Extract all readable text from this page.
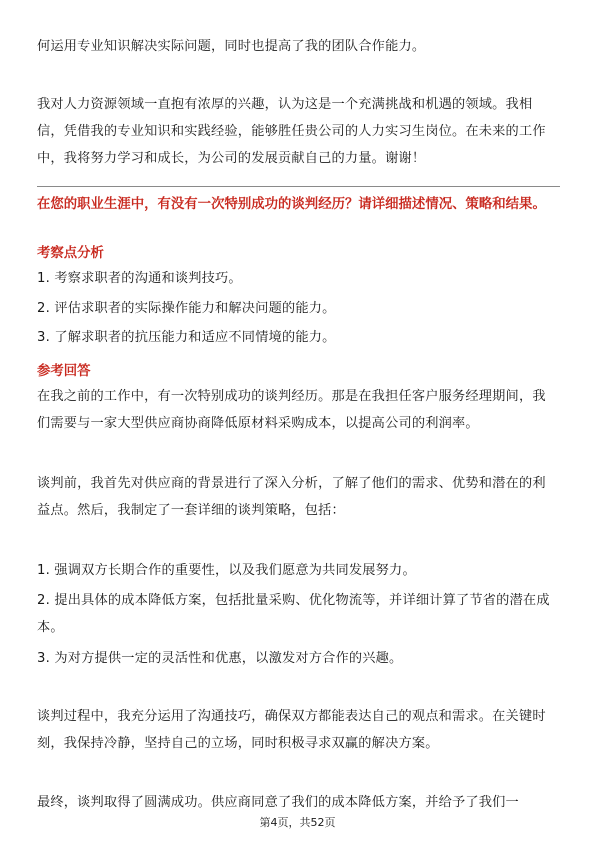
何运用专业知识解决实际问题，同时也提高了我的团队合作能力。

我对人力资源领域一直抱有浓厚的兴趣，认为这是一个充满挑战和机遇的领域。我相信，凭借我的专业知识和实践经验，能够胜任贵公司的人力实习生岗位。在未来的工作中，我将努力学习和成长，为公司的发展贡献自己的力量。谢谢！

在您的职业生涯中，有没有一次特别成功的谈判经历？请详细描述情况、策略和结果。

考察点分析

1. 考察求职者的沟通和谈判技巧。

2. 评估求职者的实际操作能力和解决问题的能力。

3. 了解求职者的抗压能力和适应不同情境的能力。

参考回答

在我之前的工作中，有一次特别成功的谈判经历。那是在我担任客户服务经理期间，我们需要与一家大型供应商协商降低原材料采购成本，以提高公司的利润率。

谈判前，我首先对供应商的背景进行了深入分析，了解了他们的需求、优势和潜在的利益点。然后，我制定了一套详细的谈判策略，包括：

1. 强调双方长期合作的重要性，以及我们愿意为共同发展努力。

2. 提出具体的成本降低方案，包括批量采购、优化物流等，并详细计算了节省的潜在成本。

3. 为对方提供一定的灵活性和优惠，以激发对方合作的兴趣。

谈判过程中，我充分运用了沟通技巧，确保双方都能表达自己的观点和需求。在关键时刻，我保持冷静，坚持自己的立场，同时积极寻求双赢的解决方案。

最终，谈判取得了圆满成功。供应商同意了我们的成本降低方案，并给予了我们一

第4页，共52页
